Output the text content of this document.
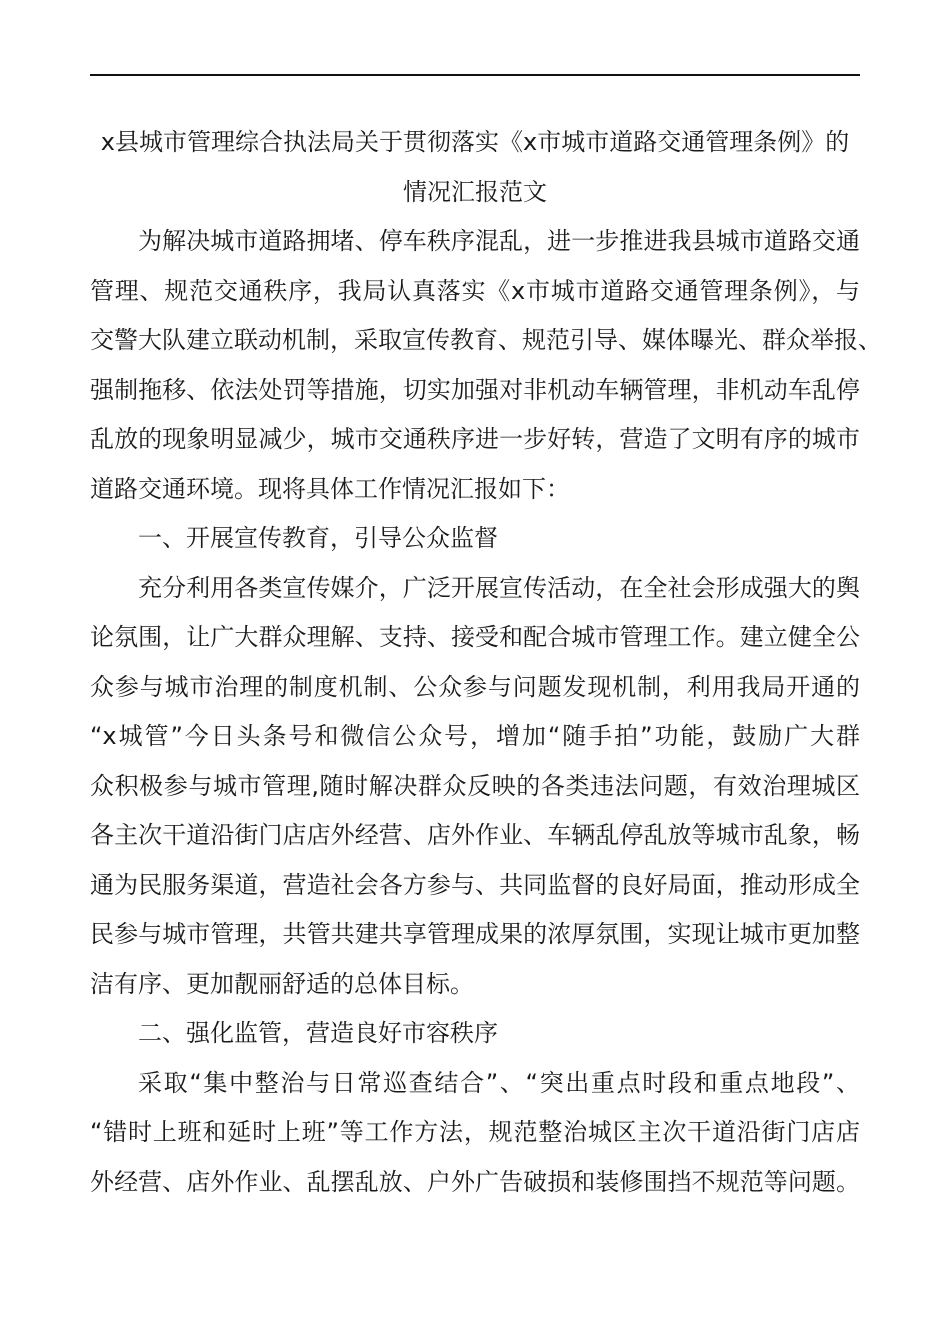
x县城市管理综合执法局关于贯彻落实《x市城市道路交通管理条例》的
情况汇报范文
为解决城市道路拥堵、停车秩序混乱，进一步推进我县城市道路交通
管理、规范交通秩序，我局认真落实《x市城市道路交通管理条例》，与
交警大队建立联动机制，采取宣传教育、规范引导、媒体曝光、群众举报、
强制拖移、依法处罚等措施，切实加强对非机动车辆管理，非机动车乱停
乱放的现象明显减少，城市交通秩序进一步好转，营造了文明有序的城市
道路交通环境。现将具体工作情况汇报如下：

一、开展宣传教育，引导公众监督

充分利用各类宣传媒介，广泛开展宣传活动，在全社会形成强大的舆
论氛围，让广大群众理解、支持、接受和配合城市管理工作。建立健全公
众参与城市治理的制度机制、公众参与问题发现机制，利用我局开通的
“x城管”今日头条号和微信公众号，增加“随手拍”功能，鼓励广大群
众积极参与城市管理,随时解决群众反映的各类违法问题，有效治理城区
各主次干道沿街门店店外经营、店外作业、车辆乱停乱放等城市乱象，畅
通为民服务渠道，营造社会各方参与、共同监督的良好局面，推动形成全
民参与城市管理，共管共建共享管理成果的浓厚氛围，实现让城市更加整
洁有序、更加靓丽舒适的总体目标。

二、强化监管，营造良好市容秩序

采取“集中整治与日常巡查结合”、“突出重点时段和重点地段”、
“错时上班和延时上班”等工作方法，规范整治城区主次干道沿街门店店
外经营、店外作业、乱摆乱放、户外广告破损和装修围挡不规范等问题。
